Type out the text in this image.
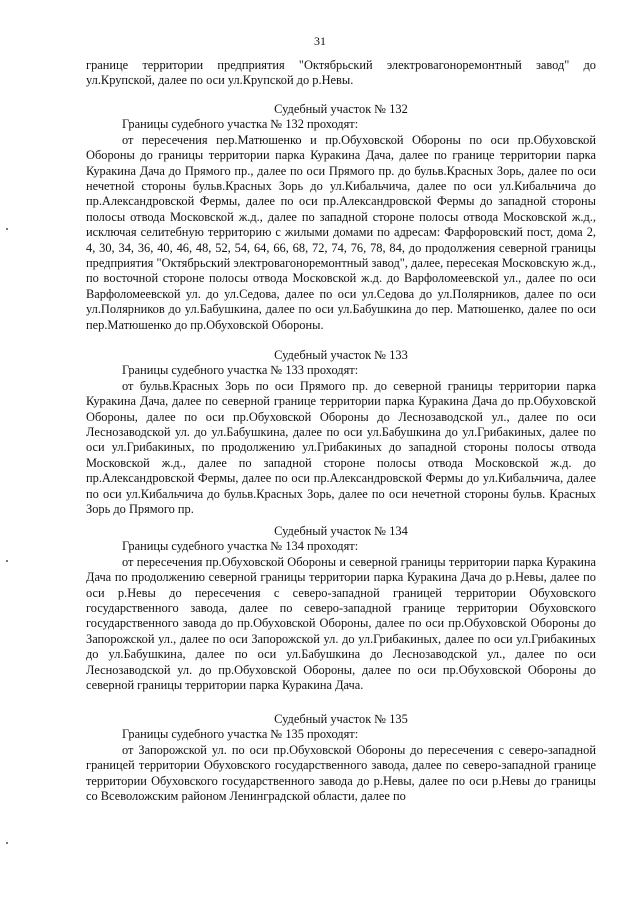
31

границе территории предприятия "Октябрьский электровагоноремонтный завод" до ул.Крупской, далее по оси ул.Крупской до р.Невы.

Судебный участок № 132

Границы судебного участка № 132 проходят:

от пересечения пер.Матюшенко и пр.Обуховской Обороны по оси пр.Обуховской Обороны до границы территории парка Куракина Дача, далее по границе территории парка Куракина Дача до Прямого пр., далее по оси Прямого пр. до бульв.Красных Зорь, далее по оси нечетной стороны бульв.Красных Зорь до ул.Кибальчича, далее по оси ул.Кибальчича до пр.Александровской Фермы, далее по оси пр.Александровской Фермы до западной стороны полосы отвода Московской ж.д., далее по западной стороне полосы отвода Московской ж.д., исключая селитебную территорию с жилыми домами по адресам: Фарфоровский пост, дома 2, 4, 30, 34, 36, 40, 46, 48, 52, 54, 64, 66, 68, 72, 74, 76, 78, 84, до продолжения северной границы предприятия "Октябрьский электровагоноремонтный завод", далее, пересекая Московскую ж.д., по восточной стороне полосы отвода Московской ж.д. до Варфоломеевской ул., далее по оси Варфоломеевской ул. до ул.Седова, далее по оси ул.Седова до ул.Полярников, далее по оси ул.Полярников до ул.Бабушкина, далее по оси ул.Бабушкина до пер. Матюшенко, далее по оси пер.Матюшенко до пр.Обуховской Обороны.

Судебный участок № 133

Границы судебного участка № 133 проходят:

от бульв.Красных Зорь по оси Прямого пр. до северной границы территории парка Куракина Дача, далее по северной границе территории парка Куракина Дача до пр.Обуховской Обороны, далее по оси пр.Обуховской Обороны до Леснозаводской ул., далее по оси Леснозаводской ул. до ул.Бабушкина, далее по оси ул.Бабушкина до ул.Грибакиных, далее по оси ул.Грибакиных, по продолжению ул.Грибакиных до западной стороны полосы отвода Московской ж.д., далее по западной стороне полосы отвода Московской ж.д. до пр.Александровской Фермы, далее по оси пр.Александровской Фермы до ул.Кибальчича, далее по оси ул.Кибальчича до бульв.Красных Зорь, далее по оси нечетной стороны бульв. Красных Зорь до Прямого пр.

Судебный участок № 134

Границы судебного участка № 134 проходят:

от пересечения пр.Обуховской Обороны и северной границы территории парка Куракина Дача по продолжению северной границы территории парка Куракина Дача до р.Невы, далее по оси р.Невы до пересечения с северо-западной границей территории Обуховского государственного завода, далее по северо-западной границе территории Обуховского государственного завода до пр.Обуховской Обороны, далее по оси пр.Обуховской Обороны до Запорожской ул., далее по оси Запорожской ул. до ул.Грибакиных, далее по оси ул.Грибакиных до ул.Бабушкина, далее по оси ул.Бабушкина до Леснозаводской ул., далее по оси Леснозаводской ул. до пр.Обуховской Обороны, далее по оси пр.Обуховской Обороны до северной границы территории парка Куракина Дача.

Судебный участок № 135

Границы судебного участка № 135 проходят:

от Запорожской ул. по оси пр.Обуховской Обороны до пересечения с северо-западной границей территории Обуховского государственного завода, далее по северо-западной границе территории Обуховского государственного завода до р.Невы, далее по оси р.Невы до границы со Всеволожским районом Ленинградской области, далее по
